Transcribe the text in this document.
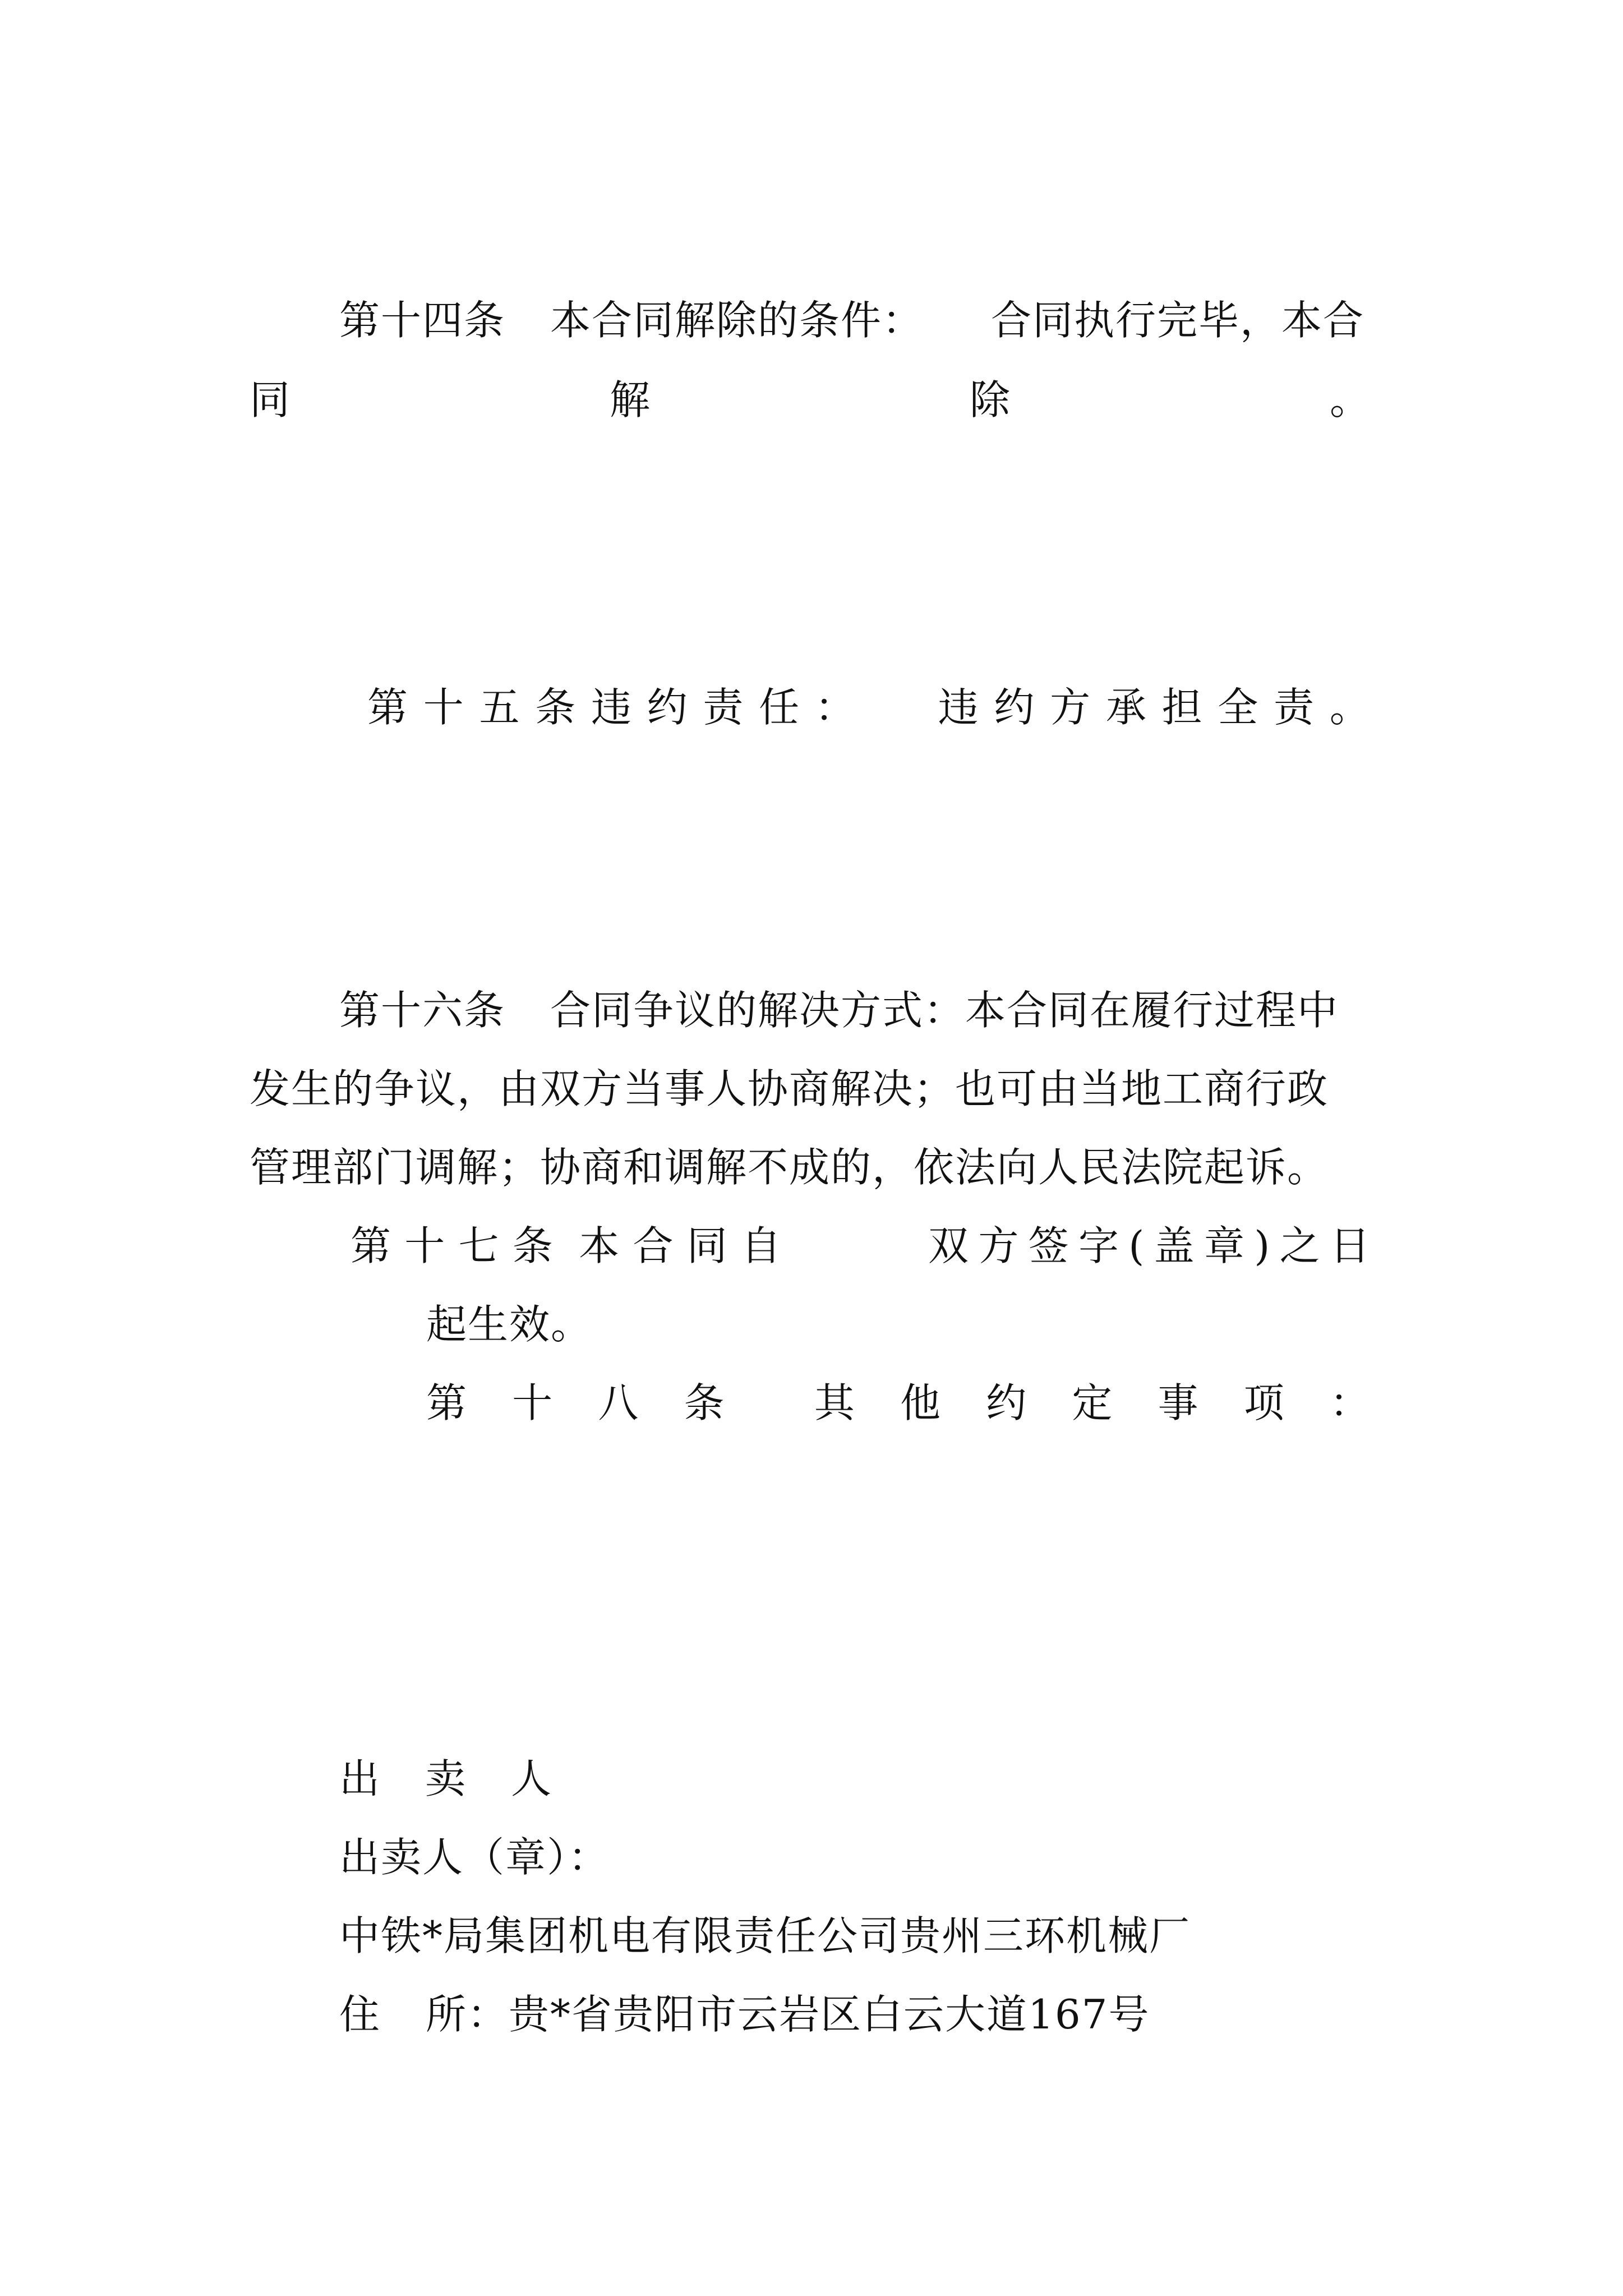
第十四条 本合同解除的条件： 合同执行完毕，本合
同	解	除	。
第 十 五 条 违 约 责 任 ： 违 约 方 承 担 全 责 。
第十六条 合同争议的解决方式：本合同在履行过程中
发生的争议，由双方当事人协商解决；也可由当地工商行政
管理部门调解；协商和调解不成的，依法向人民法院起诉。
第 十 七 条 本 合 同 自	双 方 签 字 ( 盖 章 ) 之 日
起生效。
第 十 八 条 其 他 约 定 事 项 ：
出 卖 人
出卖人（章）：
中铁*局集团机电有限责任公司贵州三环机械厂
住 所：贵*省贵阳市云岩区白云大道167号
